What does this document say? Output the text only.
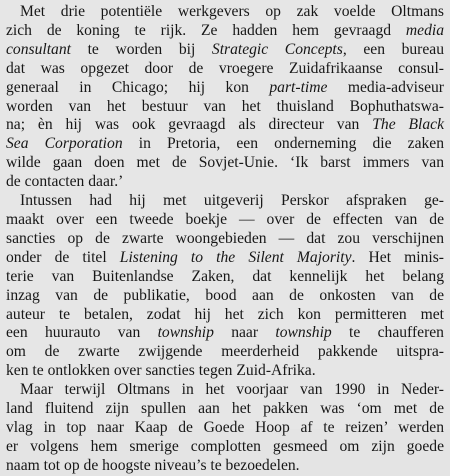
Met drie potentiële werkgevers op zak voelde Oltmans
zich de koning te rijk. Ze hadden hem gevraagd media
consultant te worden bij Strategic Concepts, een bureau
dat was opgezet door de vroegere Zuidafrikaanse consul-
generaal in Chicago; hij kon part-time media-adviseur
worden van het bestuur van het thuisland Bophuthatswa-
na; èn hij was ook gevraagd als directeur van The Black
Sea Corporation in Pretoria, een onderneming die zaken
wilde gaan doen met de Sovjet-Unie. ‘Ik barst immers van
de contacten daar.’

Intussen had hij met uitgeverij Perskor afspraken ge-
maakt over een tweede boekje — over de effecten van de
sancties op de zwarte woongebieden — dat zou verschijnen
onder de titel Listening to the Silent Majority. Het minis-
terie van Buitenlandse Zaken, dat kennelijk het belang
inzag van de publikatie, bood aan de onkosten van de
auteur te betalen, zodat hij het zich kon permitteren met
een huurauto van township naar township te chaufferen
om de zwarte zwijgende meerderheid pakkende uitspra-
ken te ontlokken over sancties tegen Zuid-Afrika.

Maar terwijl Oltmans in het voorjaar van 1990 in Neder-
land fluitend zijn spullen aan het pakken was ‘om met de
vlag in top naar Kaap de Goede Hoop af te reizen’ werden
er volgens hem smerige complotten gesmeed om zijn goede
naam tot op de hoogste niveau’s te bezoedelen.
